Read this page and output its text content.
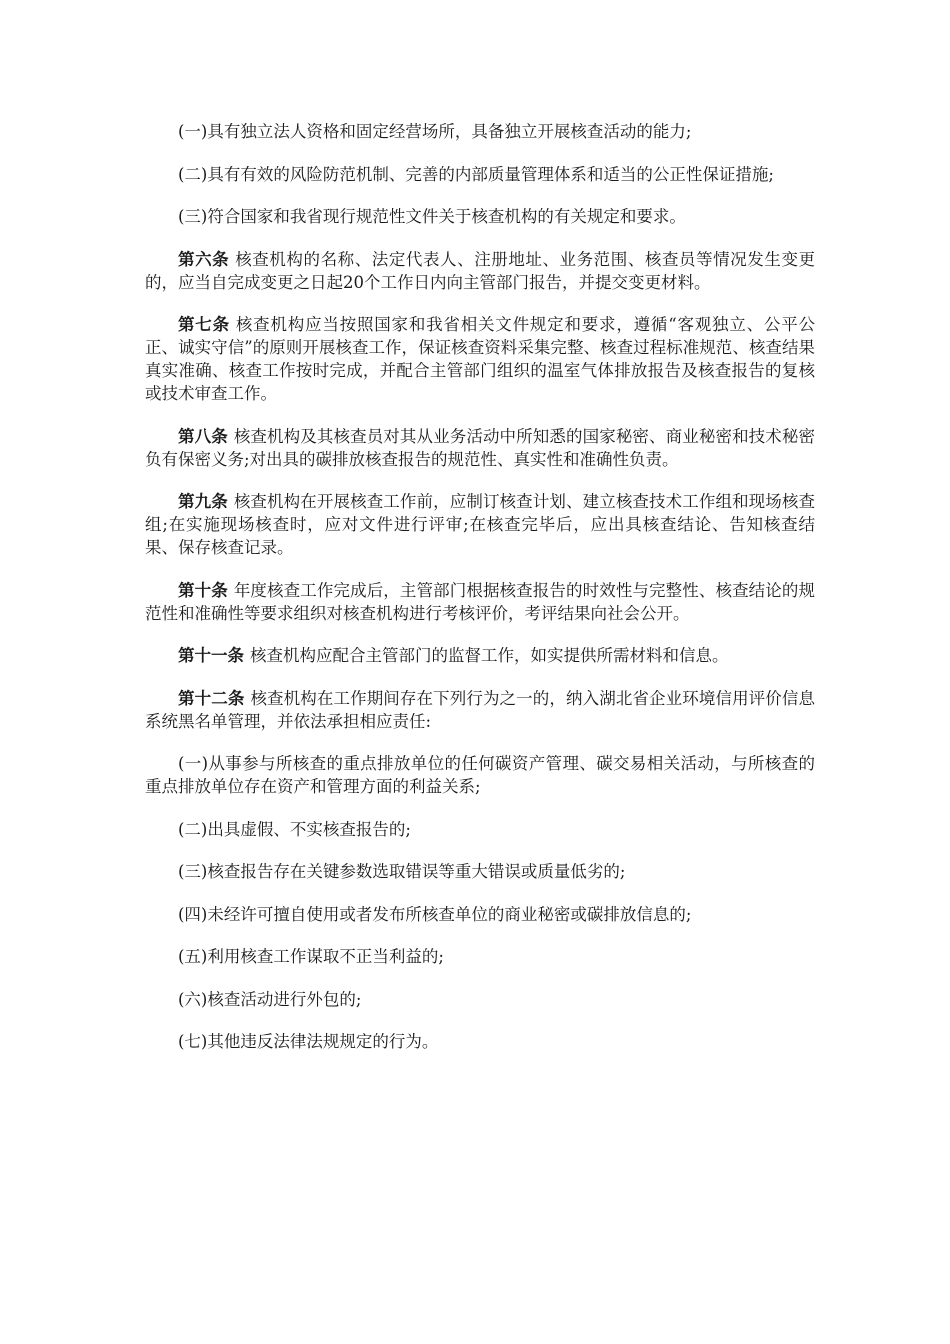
(一)具有独立法人资格和固定经营场所，具备独立开展核查活动的能力;

(二)具有有效的风险防范机制、完善的内部质量管理体系和适当的公正性保证措施;

(三)符合国家和我省现行规范性文件关于核查机构的有关规定和要求。

第六条 核查机构的名称、法定代表人、注册地址、业务范围、核查员等情况发生变更的，应当自完成变更之日起20个工作日内向主管部门报告，并提交变更材料。

第七条 核查机构应当按照国家和我省相关文件规定和要求，遵循“客观独立、公平公正、诚实守信”的原则开展核查工作，保证核查资料采集完整、核查过程标准规范、核查结果真实准确、核查工作按时完成，并配合主管部门组织的温室气体排放报告及核查报告的复核或技术审查工作。

第八条 核查机构及其核查员对其从业务活动中所知悉的国家秘密、商业秘密和技术秘密负有保密义务;对出具的碳排放核查报告的规范性、真实性和准确性负责。

第九条 核查机构在开展核查工作前，应制订核查计划、建立核查技术工作组和现场核查组;在实施现场核查时，应对文件进行评审;在核查完毕后，应出具核查结论、告知核查结果、保存核查记录。

第十条 年度核查工作完成后，主管部门根据核查报告的时效性与完整性、核查结论的规范性和准确性等要求组织对核查机构进行考核评价，考评结果向社会公开。

第十一条 核查机构应配合主管部门的监督工作，如实提供所需材料和信息。

第十二条 核查机构在工作期间存在下列行为之一的，纳入湖北省企业环境信用评价信息系统黑名单管理，并依法承担相应责任:

(一)从事参与所核查的重点排放单位的任何碳资产管理、碳交易相关活动，与所核查的重点排放单位存在资产和管理方面的利益关系;

(二)出具虚假、不实核查报告的;

(三)核查报告存在关键参数选取错误等重大错误或质量低劣的;

(四)未经许可擅自使用或者发布所核查单位的商业秘密或碳排放信息的;

(五)利用核查工作谋取不正当利益的;

(六)核查活动进行外包的;

(七)其他违反法律法规规定的行为。
